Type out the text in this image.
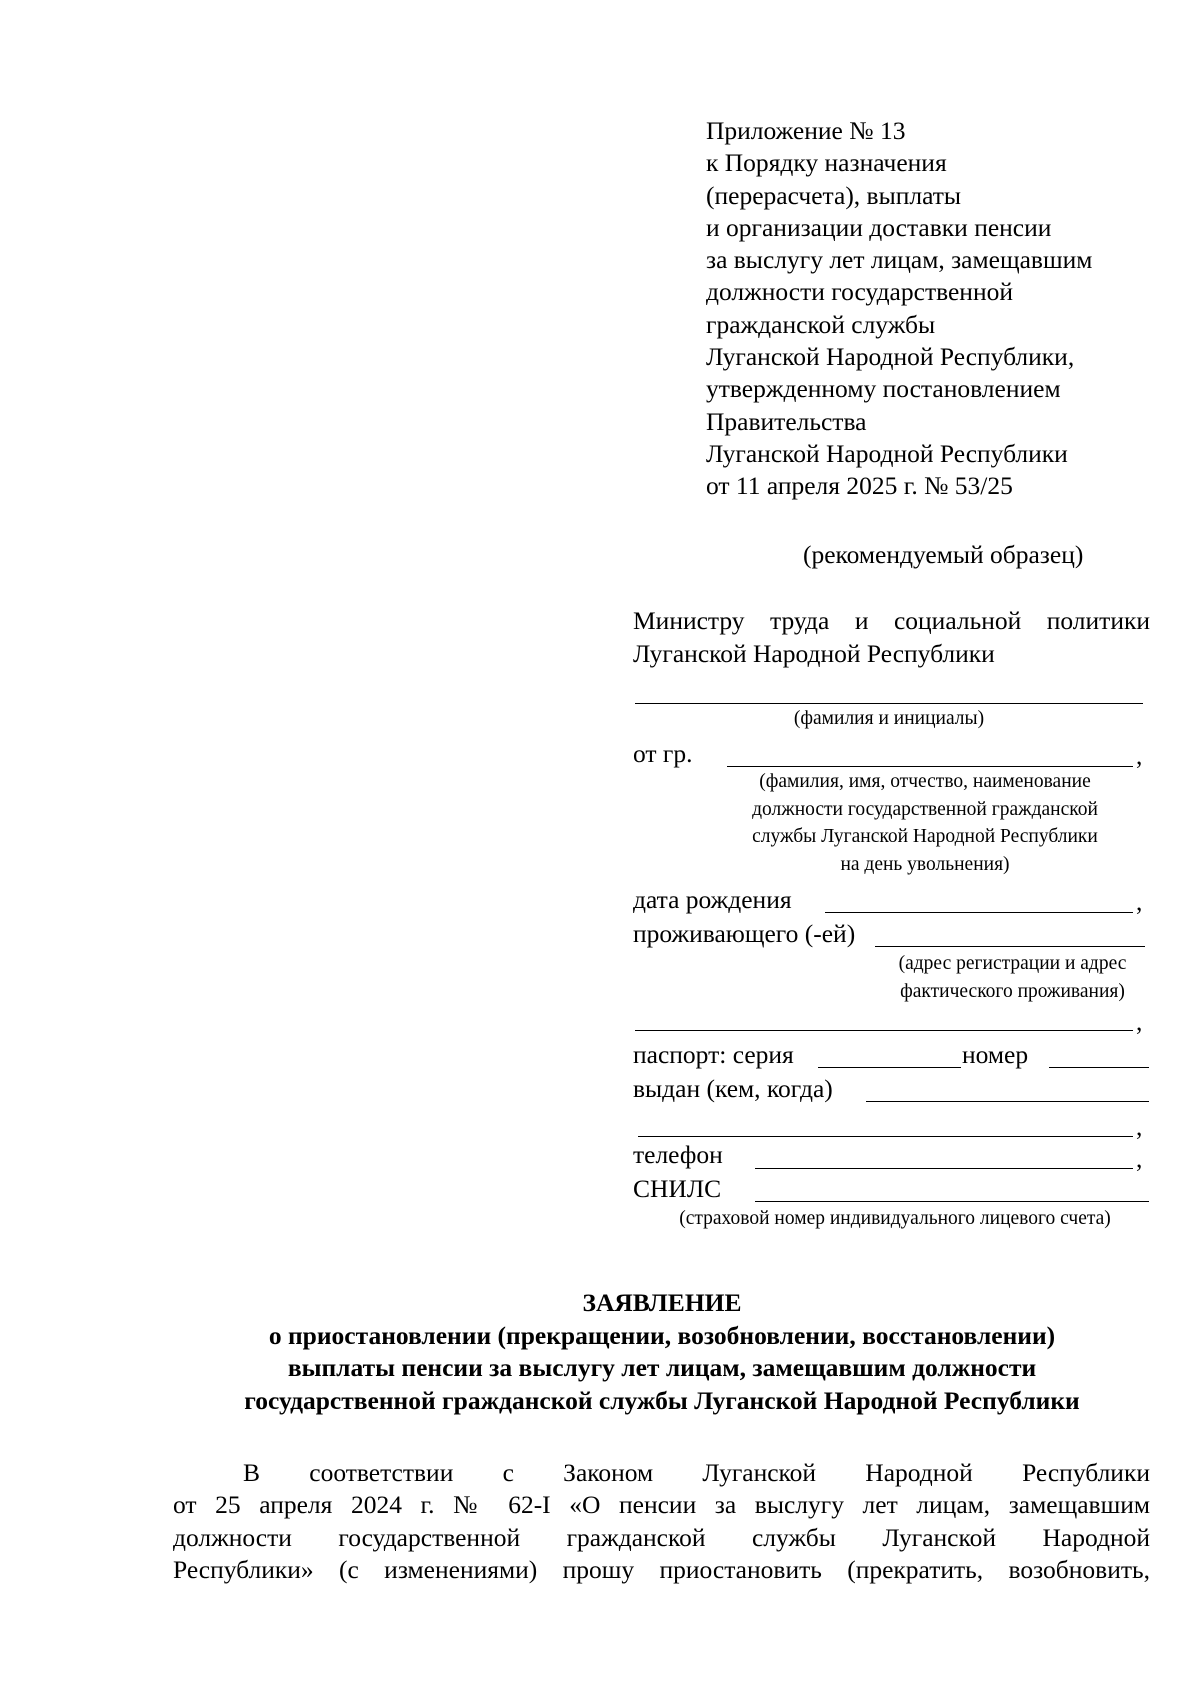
Приложение № 13
к Порядку назначения
(перерасчета), выплаты
и организации доставки пенсии
за выслугу лет лицам, замещавшим
должности государственной
гражданской службы
Луганской Народной Республики,
утвержденному постановлением
Правительства
Луганской Народной Республики
от 11 апреля 2025 г. № 53/25
(рекомендуемый образец)
Министру труда и социальной политики
Луганской Народной Республики
(фамилия и инициалы)
от гр.	,
(фамилия, имя, отчество, наименование
должности государственной гражданской
службы Луганской Народной Республики
на день увольнения)
дата рождения	,
проживающего (-ей)
(адрес регистрации и адрес
фактического проживания)
,
паспорт: серия	номер
выдан (кем, когда)
,
телефон	,
СНИЛС
(страховой номер индивидуального лицевого счета)
ЗАЯВЛЕНИЕ
о приостановлении (прекращении, возобновлении, восстановлении)
выплаты пенсии за выслугу лет лицам, замещавшим должности
государственной гражданской службы Луганской Народной Республики
В соответствии с Законом Луганской Народной Республики
от 25 апреля 2024 г. № 62-I «О пенсии за выслугу лет лицам, замещавшим
должности государственной гражданской службы Луганской Народной
Республики» (с изменениями) прошу приостановить (прекратить, возобновить,
